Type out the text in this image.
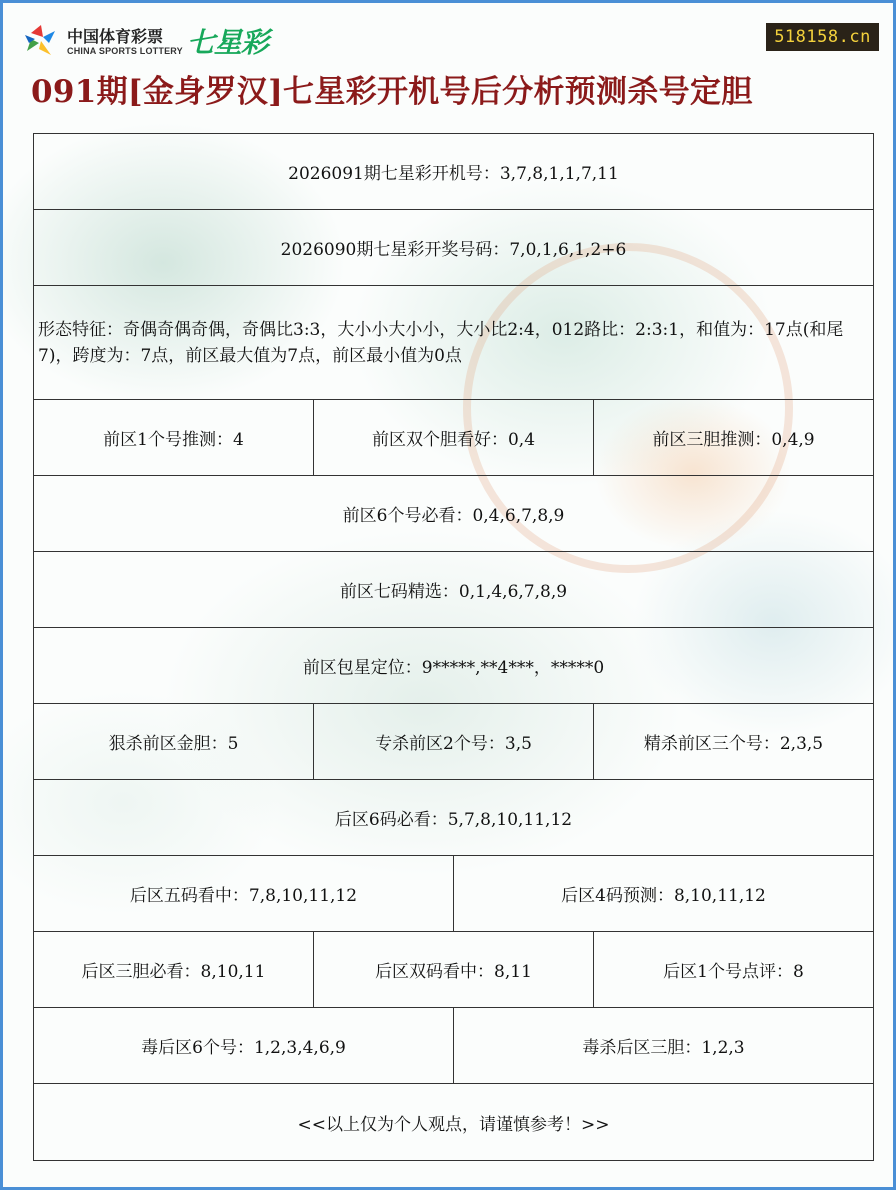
中国体育彩票
CHINA SPORTS LOTTERY 七星彩	518158.cn
091期[金身罗汉]七星彩开机号后分析预测杀号定胆
2026091期七星彩开机号：3,7,8,1,1,7,11
2026090期七星彩开奖号码：7,0,1,6,1,2+6
形态特征：奇偶奇偶奇偶，奇偶比3:3，大小小大小小，大小比2:4，012路比：2:3:1，和值为：17点(和尾7)，跨度为：7点，前区最大值为7点，前区最小值为0点
前区1个号推测：4	前区双个胆看好：0,4	前区三胆推测：0,4,9
前区6个号必看：0,4,6,7,8,9
前区七码精选：0,1,4,6,7,8,9
前区包星定位：9*****,**4***，*****0
狠杀前区金胆：5	专杀前区2个号：3,5	精杀前区三个号：2,3,5
后区6码必看：5,7,8,10,11,12
后区五码看中：7,8,10,11,12	后区4码预测：8,10,11,12
后区三胆必看：8,10,11	后区双码看中：8,11	后区1个号点评：8
毒后区6个号：1,2,3,4,6,9	毒杀后区三胆：1,2,3
<<以上仅为个人观点，请谨慎参考！>>
